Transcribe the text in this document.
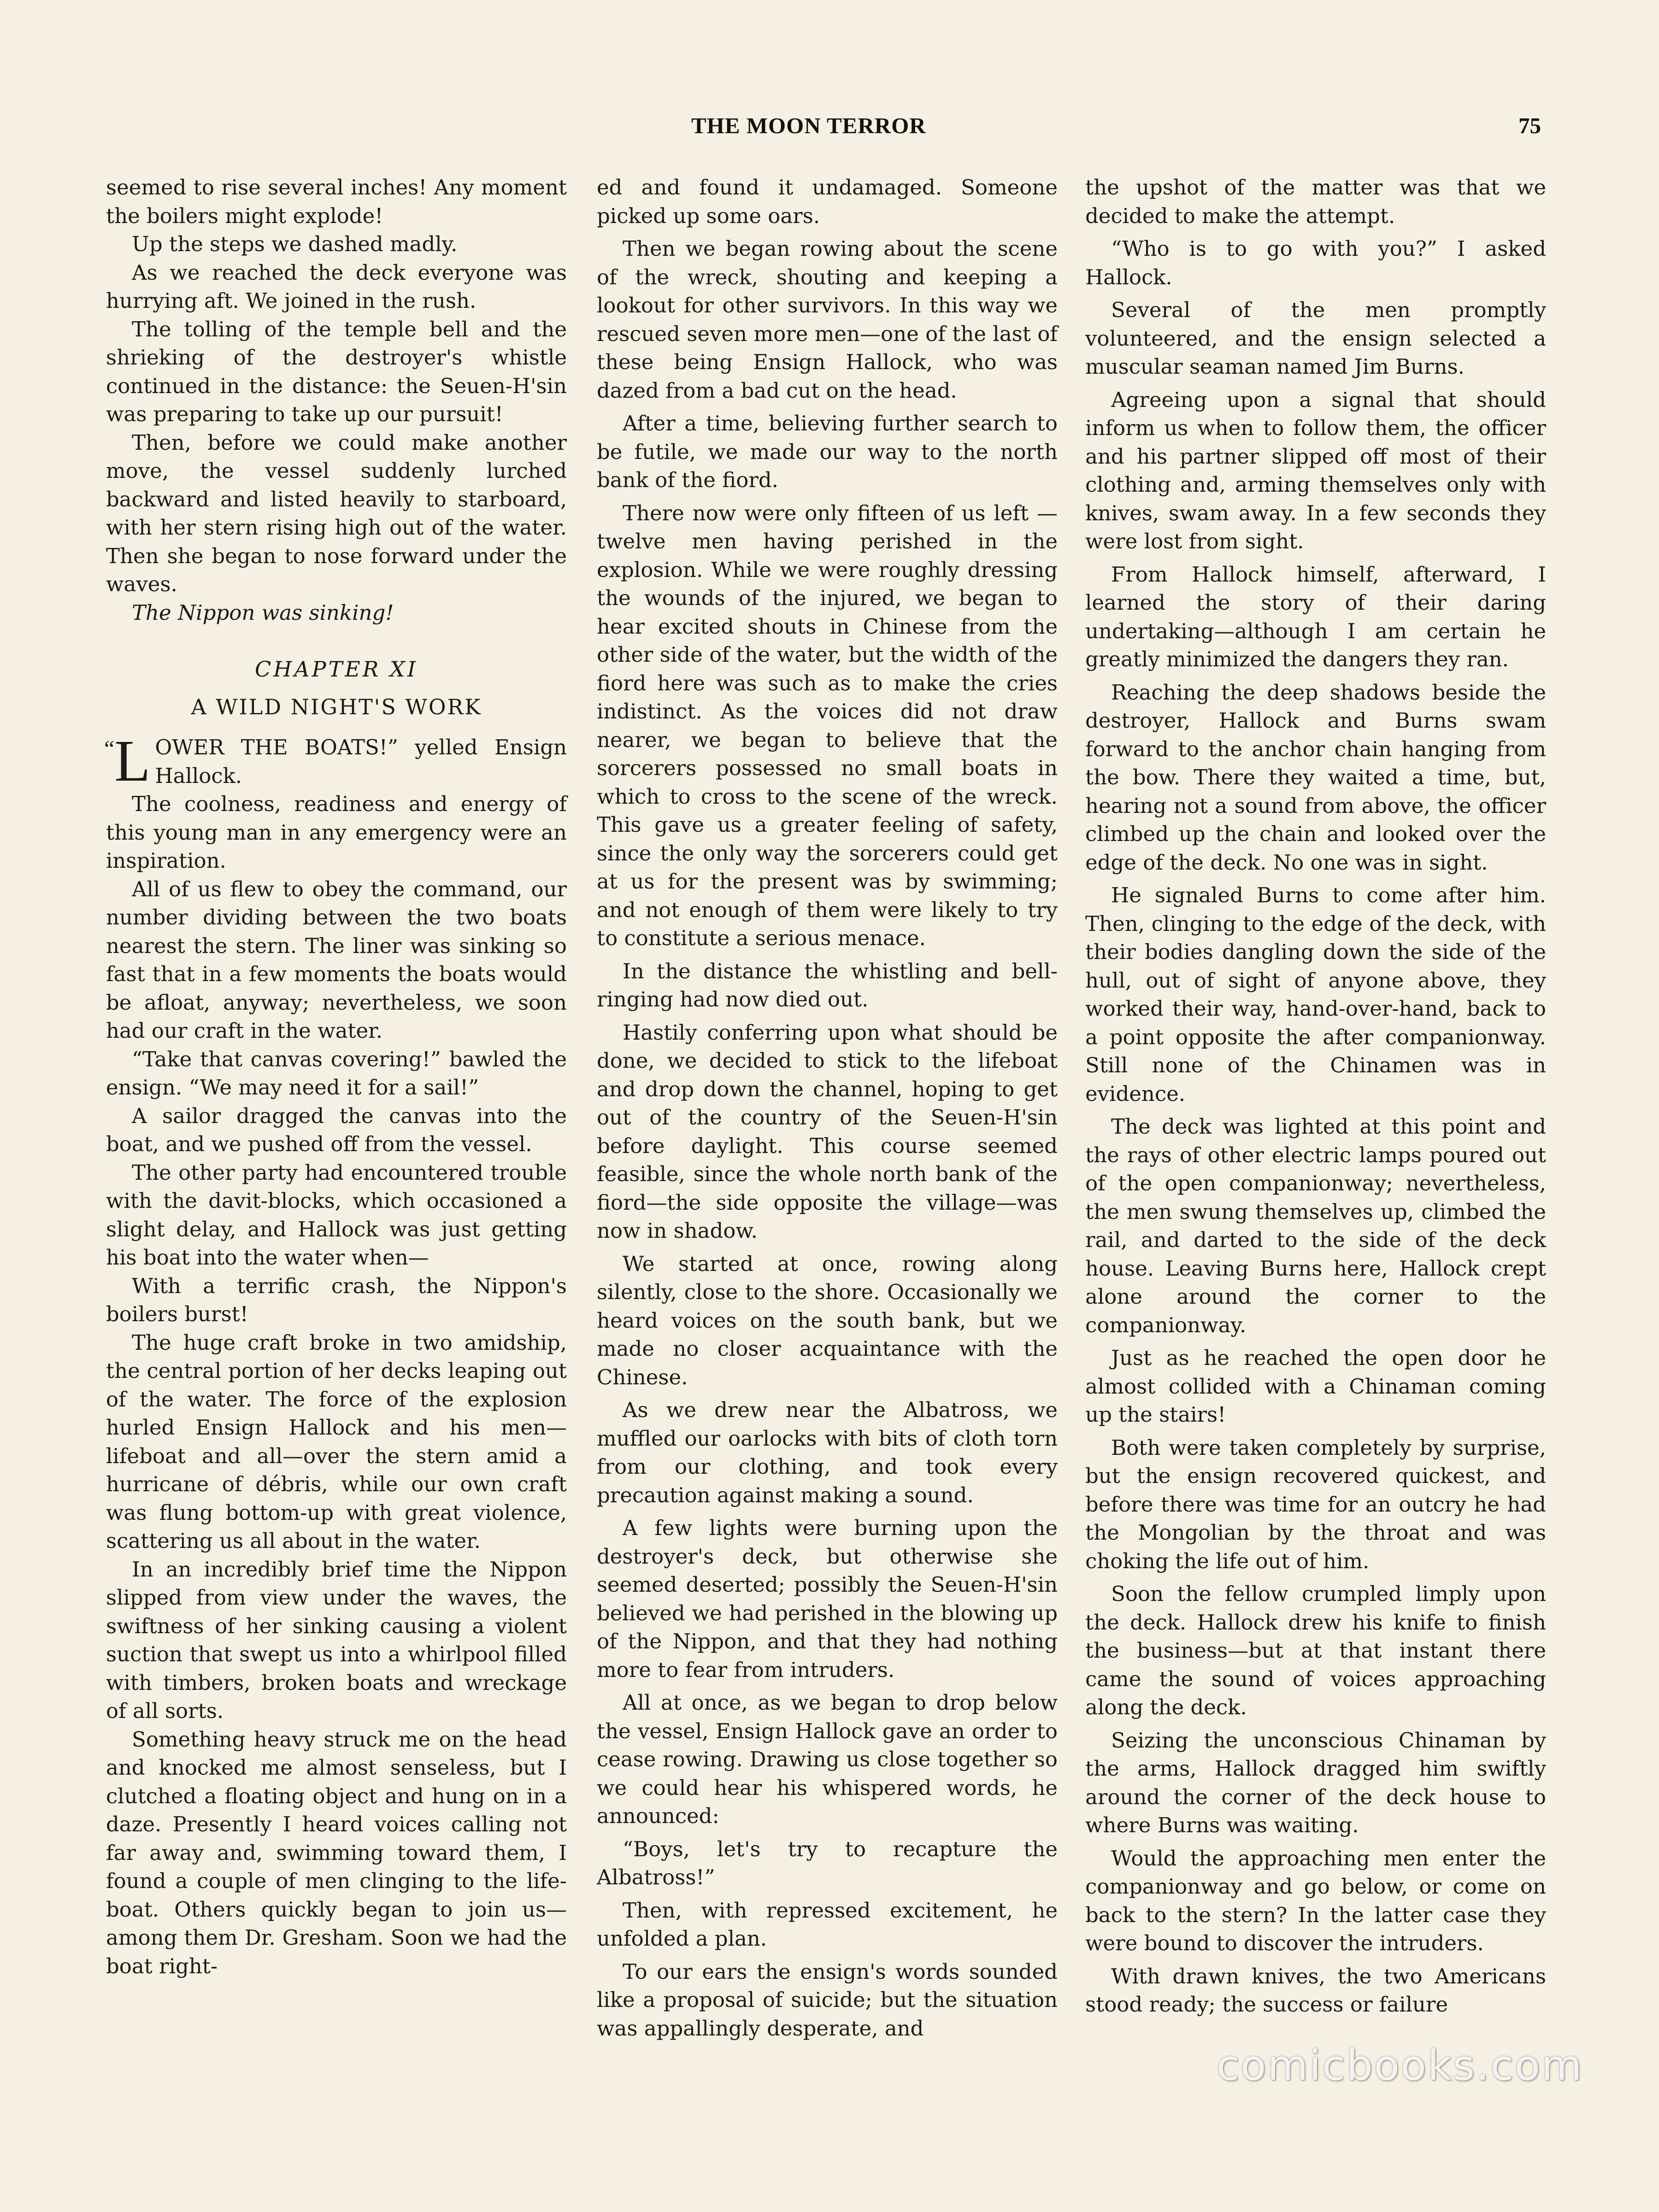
THE MOON TERROR	75

seemed to rise several inches! Any moment the boilers might explode!

Up the steps we dashed madly.

As we reached the deck everyone was hurrying aft. We joined in the rush.

The tolling of the temple bell and the shrieking of the destroyer's whistle continued in the distance: the Seuen-H'sin was preparing to take up our pursuit!

Then, before we could make another move, the vessel suddenly lurched backward and listed heavily to starboard, with her stern rising high out of the water. Then she began to nose forward under the waves.

The Nippon was sinking!

CHAPTER XI
A WILD NIGHT'S WORK

“L OWER THE BOATS!” yelled Ensign Hallock.

The coolness, readiness and energy of this young man in any emergency were an inspiration.

All of us flew to obey the command, our number dividing between the two boats nearest the stern. The liner was sinking so fast that in a few moments the boats would be afloat, anyway; nevertheless, we soon had our craft in the water.

“Take that canvas covering!” bawled the ensign. “We may need it for a sail!”

A sailor dragged the canvas into the boat, and we pushed off from the vessel.

The other party had encountered trouble with the davit-blocks, which occasioned a slight delay, and Hallock was just getting his boat into the water when—

With a terrific crash, the Nippon's boilers burst!

The huge craft broke in two amidship, the central portion of her decks leaping out of the water. The force of the explosion hurled Ensign Hallock and his men—lifeboat and all—over the stern amid a hurricane of débris, while our own craft was flung bottom-up with great violence, scattering us all about in the water.

In an incredibly brief time the Nippon slipped from view under the waves, the swiftness of her sinking causing a violent suction that swept us into a whirlpool filled with timbers, broken boats and wreckage of all sorts.

Something heavy struck me on the head and knocked me almost senseless, but I clutched a floating object and hung on in a daze. Presently I heard voices calling not far away and, swimming toward them, I found a couple of men clinging to the life-boat. Others quickly began to join us—among them Dr. Gresham. Soon we had the boat right-

ed and found it undamaged. Someone picked up some oars.

Then we began rowing about the scene of the wreck, shouting and keeping a lookout for other survivors. In this way we rescued seven more men—one of the last of these being Ensign Hallock, who was dazed from a bad cut on the head.

After a time, believing further search to be futile, we made our way to the north bank of the fiord.

There now were only fifteen of us left —twelve men having perished in the explosion. While we were roughly dressing the wounds of the injured, we began to hear excited shouts in Chinese from the other side of the water, but the width of the fiord here was such as to make the cries indistinct. As the voices did not draw nearer, we began to believe that the sorcerers possessed no small boats in which to cross to the scene of the wreck. This gave us a greater feeling of safety, since the only way the sorcerers could get at us for the present was by swimming; and not enough of them were likely to try to constitute a serious menace.

In the distance the whistling and bell-ringing had now died out.

Hastily conferring upon what should be done, we decided to stick to the lifeboat and drop down the channel, hoping to get out of the country of the Seuen-H'sin before daylight. This course seemed feasible, since the whole north bank of the fiord—the side opposite the village—was now in shadow.

We started at once, rowing along silently, close to the shore. Occasionally we heard voices on the south bank, but we made no closer acquaintance with the Chinese.

As we drew near the Albatross, we muffled our oarlocks with bits of cloth torn from our clothing, and took every precaution against making a sound.

A few lights were burning upon the destroyer's deck, but otherwise she seemed deserted; possibly the Seuen-H'sin believed we had perished in the blowing up of the Nippon, and that they had nothing more to fear from intruders.

All at once, as we began to drop below the vessel, Ensign Hallock gave an order to cease rowing. Drawing us close together so we could hear his whispered words, he announced:

“Boys, let's try to recapture the Albatross!”

Then, with repressed excitement, he unfolded a plan.

To our ears the ensign's words sounded like a proposal of suicide; but the situation was appallingly desperate, and

the upshot of the matter was that we decided to make the attempt.

“Who is to go with you?” I asked Hallock.

Several of the men promptly volunteered, and the ensign selected a muscular seaman named Jim Burns.

Agreeing upon a signal that should inform us when to follow them, the officer and his partner slipped off most of their clothing and, arming themselves only with knives, swam away. In a few seconds they were lost from sight.

From Hallock himself, afterward, I learned the story of their daring undertaking—although I am certain he greatly minimized the dangers they ran.

Reaching the deep shadows beside the destroyer, Hallock and Burns swam forward to the anchor chain hanging from the bow. There they waited a time, but, hearing not a sound from above, the officer climbed up the chain and looked over the edge of the deck. No one was in sight.

He signaled Burns to come after him. Then, clinging to the edge of the deck, with their bodies dangling down the side of the hull, out of sight of anyone above, they worked their way, hand-over-hand, back to a point opposite the after companionway. Still none of the Chinamen was in evidence.

The deck was lighted at this point and the rays of other electric lamps poured out of the open companionway; nevertheless, the men swung themselves up, climbed the rail, and darted to the side of the deck house. Leaving Burns here, Hallock crept alone around the corner to the companionway.

Just as he reached the open door he almost collided with a Chinaman coming up the stairs!

Both were taken completely by surprise, but the ensign recovered quickest, and before there was time for an outcry he had the Mongolian by the throat and was choking the life out of him.

Soon the fellow crumpled limply upon the deck. Hallock drew his knife to finish the business—but at that instant there came the sound of voices approaching along the deck.

Seizing the unconscious Chinaman by the arms, Hallock dragged him swiftly around the corner of the deck house to where Burns was waiting.

Would the approaching men enter the companionway and go below, or come on back to the stern? In the latter case they were bound to discover the intruders.

With drawn knives, the two Americans stood ready; the success or failure

comicbooks.com
